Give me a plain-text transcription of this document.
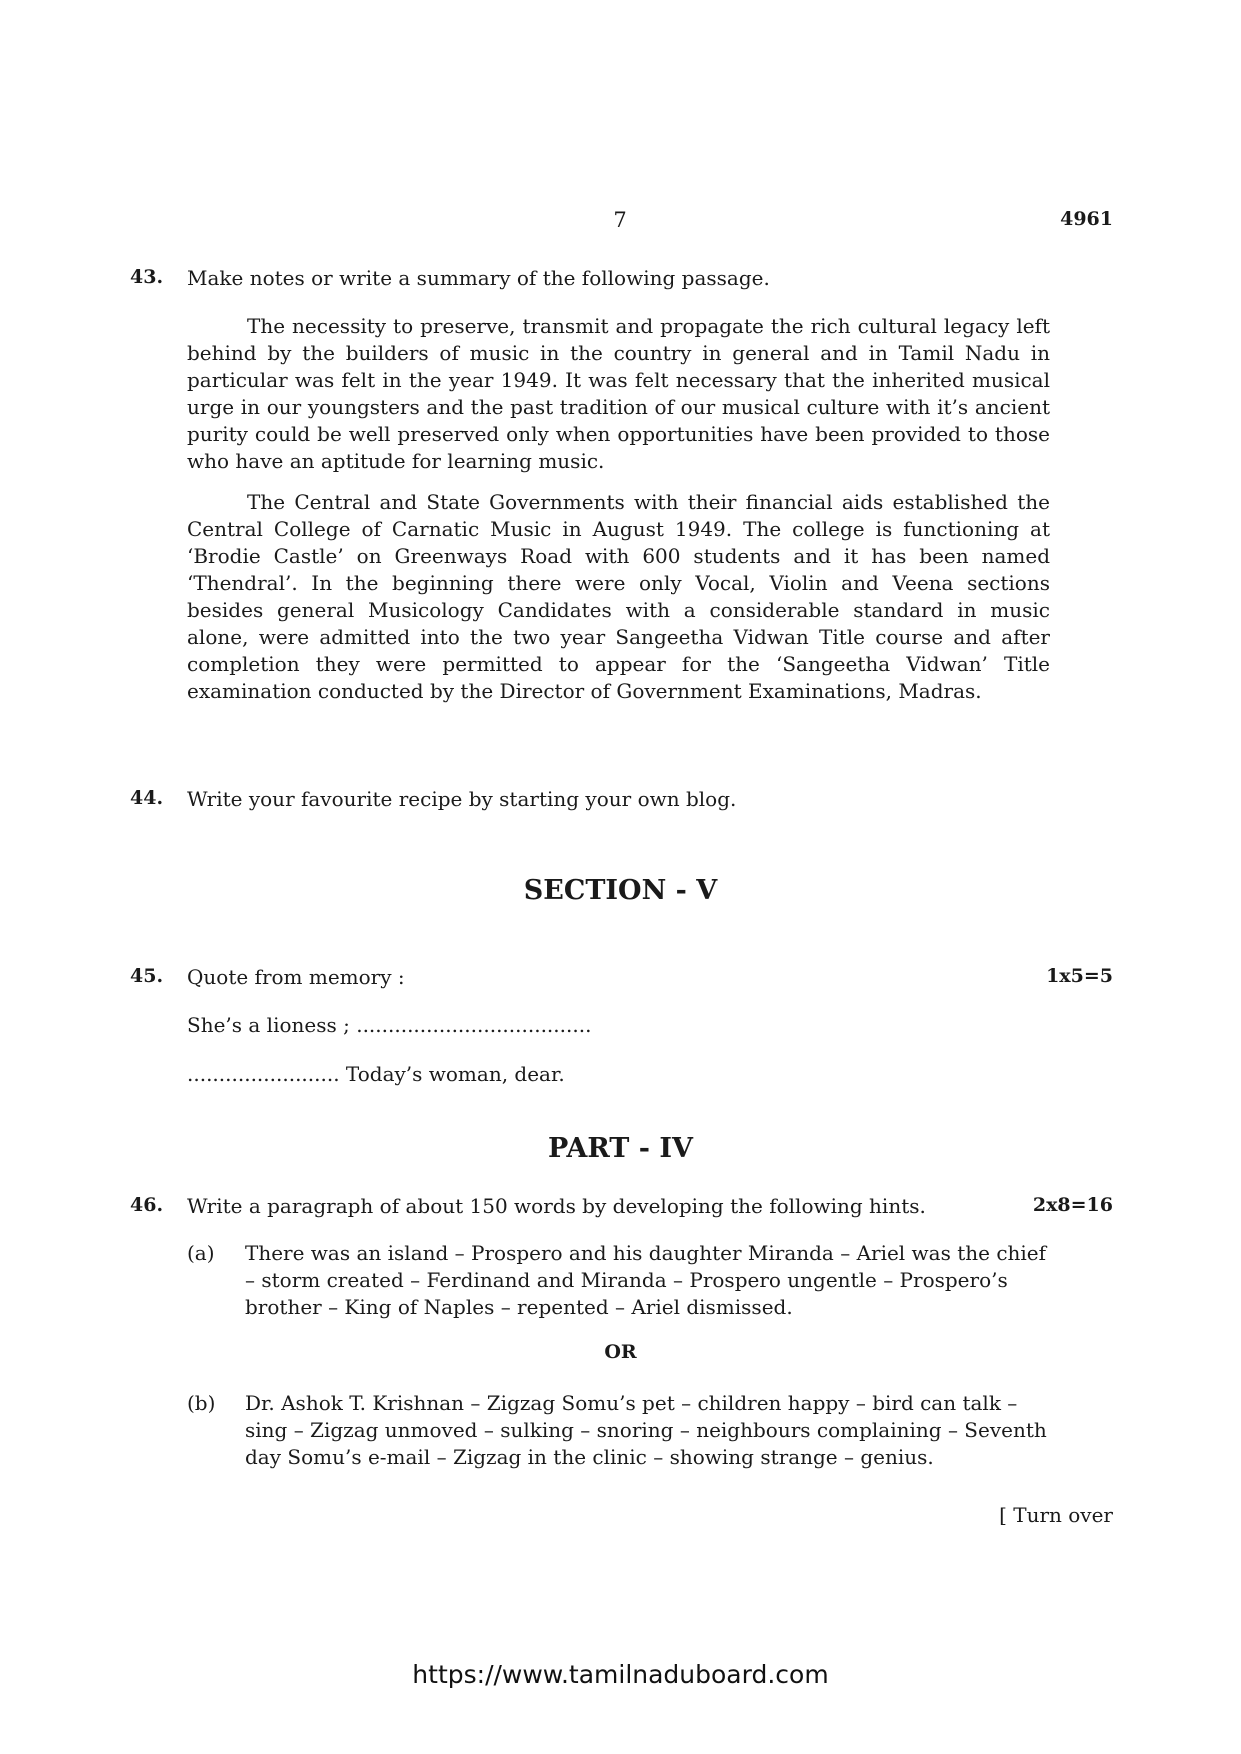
7	4961
43. Make notes or write a summary of the following passage.

The necessity to preserve, transmit and propagate the rich cultural legacy left behind by the builders of music in the country in general and in Tamil Nadu in particular was felt in the year 1949. It was felt necessary that the inherited musical urge in our youngsters and the past tradition of our musical culture with it’s ancient purity could be well preserved only when opportunities have been provided to those who have an aptitude for learning music.

The Central and State Governments with their financial aids established the Central College of Carnatic Music in August 1949. The college is functioning at ‘Brodie Castle’ on Greenways Road with 600 students and it has been named ‘Thendral’. In the beginning there were only Vocal, Violin and Veena sections besides general Musicology Candidates with a considerable standard in music alone, were admitted into the two year Sangeetha Vidwan Title course and after completion they were permitted to appear for the ‘Sangeetha Vidwan’ Title examination conducted by the Director of Government Examinations, Madras.

44. Write your favourite recipe by starting your own blog.
SECTION - V
45. Quote from memory :	1x5=5
She’s a lioness ; .....................................
........................ Today’s woman, dear.
PART - IV
46. Write a paragraph of about 150 words by developing the following hints.	2x8=16
(a) There was an island – Prospero and his daughter Miranda – Ariel was the chief – storm created – Ferdinand and Miranda – Prospero ungentle – Prospero’s brother – King of Naples – repented – Ariel dismissed.

OR
(b) Dr. Ashok T. Krishnan – Zigzag Somu’s pet – children happy – bird can talk – sing – Zigzag unmoved – sulking – snoring – neighbours complaining – Seventh day Somu’s e-mail – Zigzag in the clinic – showing strange – genius.

[ Turn over
https://www.tamilnaduboard.com
